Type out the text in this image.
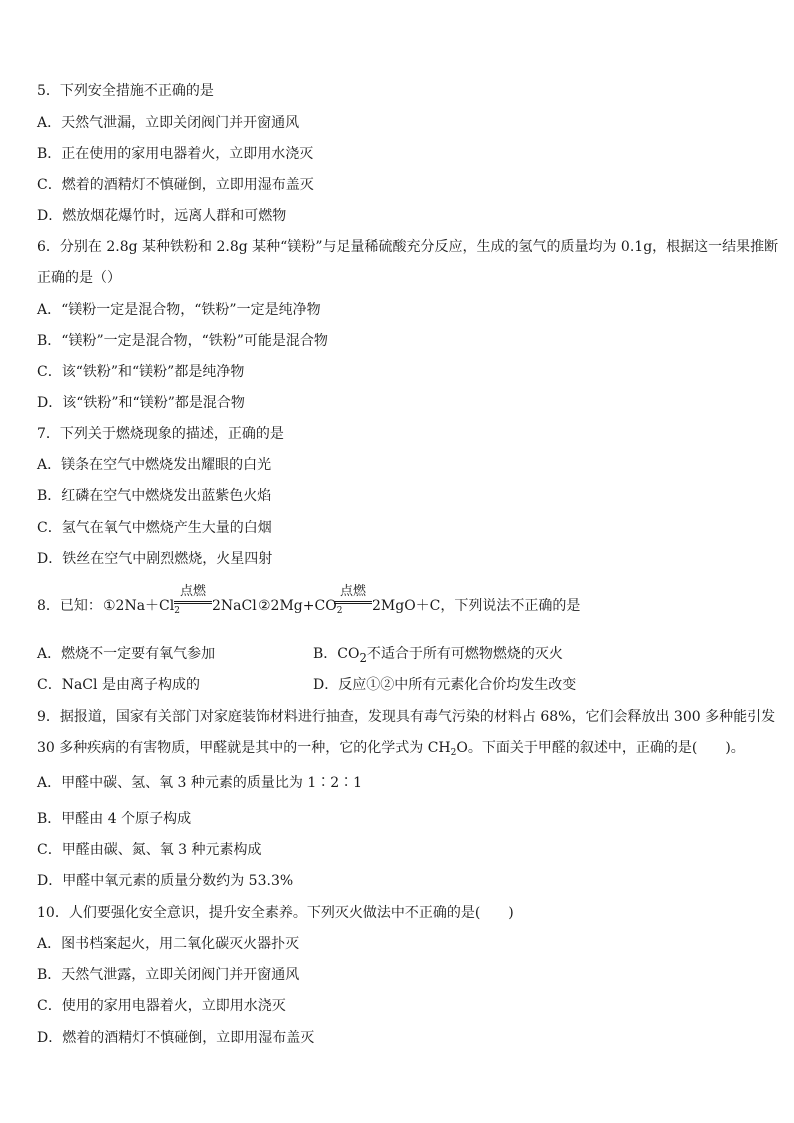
5．下列安全措施不正确的是
A．天然气泄漏，立即关闭阀门并开窗通风
B．正在使用的家用电器着火，立即用水浇灭
C．燃着的酒精灯不慎碰倒，立即用湿布盖灭
D．燃放烟花爆竹时，远离人群和可燃物
6．分别在 2.8g 某种铁粉和 2.8g 某种“镁粉”与足量稀硫酸充分反应，生成的氢气的质量均为 0.1g，根据这一结果推断
正确的是（）
A．“镁粉一定是混合物，“铁粉”一定是纯净物
B．“镁粉”一定是混合物，“铁粉”可能是混合物
C．该“铁粉”和“镁粉”都是纯净物
D．该“铁粉”和“镁粉”都是混合物
7．下列关于燃烧现象的描述，正确的是
A．镁条在空气中燃烧发出耀眼的白光
B．红磷在空气中燃烧发出蓝紫色火焰
C．氢气在氧气中燃烧产生大量的白烟
D．铁丝在空气中剧烈燃烧，火星四射
8．已知： $①2Na+Cl_2$
点燃
2NaCl $②2Mg+CO_2$
点燃
2MgO＋C，下列说法不正确的是
A．燃烧不一定要有氧气参加	B．$CO_2$不适合于所有可燃物燃烧的灭火
C．NaCl 是由离子构成的	D．反应①②中所有元素化合价均发生改变
9．据报道，国家有关部门对家庭装饰材料进行抽查，发现具有毒气污染的材料占 68%，它们会释放出 300 多种能引发
30 多种疾病的有害物质，甲醛就是其中的一种，它的化学式为 $CH_2O$。下面关于甲醛的叙述中，正确的是(　　)。
A．甲醛中碳、氢、氧 3 种元素的质量比为 1∶2∶1
B．甲醛由 4 个原子构成
C．甲醛由碳、氮、氧 3 种元素构成
D．甲醛中氧元素的质量分数约为 53.3%
10．人们要强化安全意识，提升安全素养。下列灭火做法中不正确的是(　　)
A．图书档案起火，用二氧化碳灭火器扑灭
B．天然气泄露，立即关闭阀门并开窗通风
C．使用的家用电器着火，立即用水浇灭
D．燃着的酒精灯不慎碰倒，立即用湿布盖灭
